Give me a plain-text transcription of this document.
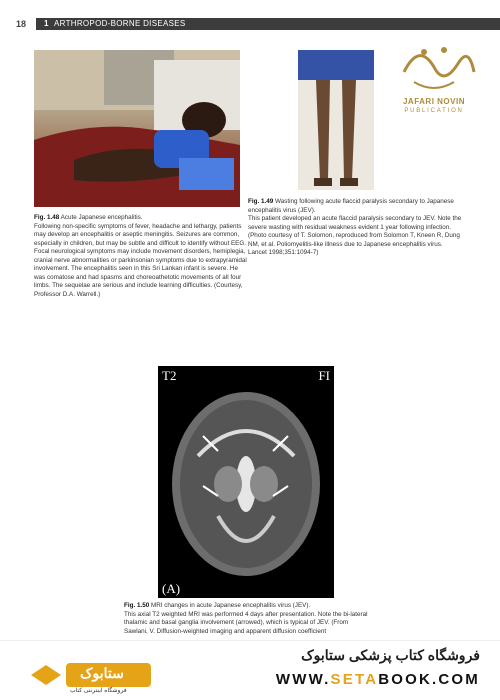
18 1 ARTHROPOD-BORNE DISEASES
JAFARI NOVIN
PUBLICATION
Fig. 1.48 Acute Japanese encephalitis.
Following non-specific symptoms of fever, headache and lethargy, patients may develop an encephalitis or aseptic meningitis. Seizures are common, especially in children, but may be subtle and difficult to identify without EEG. Focal neurological symptoms may include movement disorders, hemiplegia, cranial nerve abnormalities or parkinsonian symptoms due to extrapyramidal involvement. The encephalitis seen in this Sri Lankan infant is severe. He was comatose and had spasms and choreoathetotic movements of all four limbs. The sequelae are serious and include learning difficulties. (Courtesy, Professor D.A. Warrell.)
Fig. 1.49 Wasting following acute flaccid paralysis secondary to Japanese encephalitis virus (JEV).
This patient developed an acute flaccid paralysis secondary to JEV. Note the severe wasting with residual weakness evident 1 year following infection. (Photo courtesy of T. Solomon, reproduced from Solomon T, Kneen R, Dung NM, et al. Poliomyelitis-like illness due to Japanese encephalitis virus. Lancet 1998;351:1094-7)
T2	FI
(A)
Fig. 1.50 MRI changes in acute Japanese encephalitis virus (JEV).
This axial T2 weighted MRI was performed 4 days after presentation. Note the bi-lateral thalamic and basal ganglia involvement (arrowed), which is typical of JEV. (From Sawlani, V. Diffusion-weighted imaging and apparent diffusion coefficient
ستابوک
فروشگاه اینترنتی کتاب
فروشگاه کتاب پزشکی ستابوک
WWW.SETABOOK.COM
